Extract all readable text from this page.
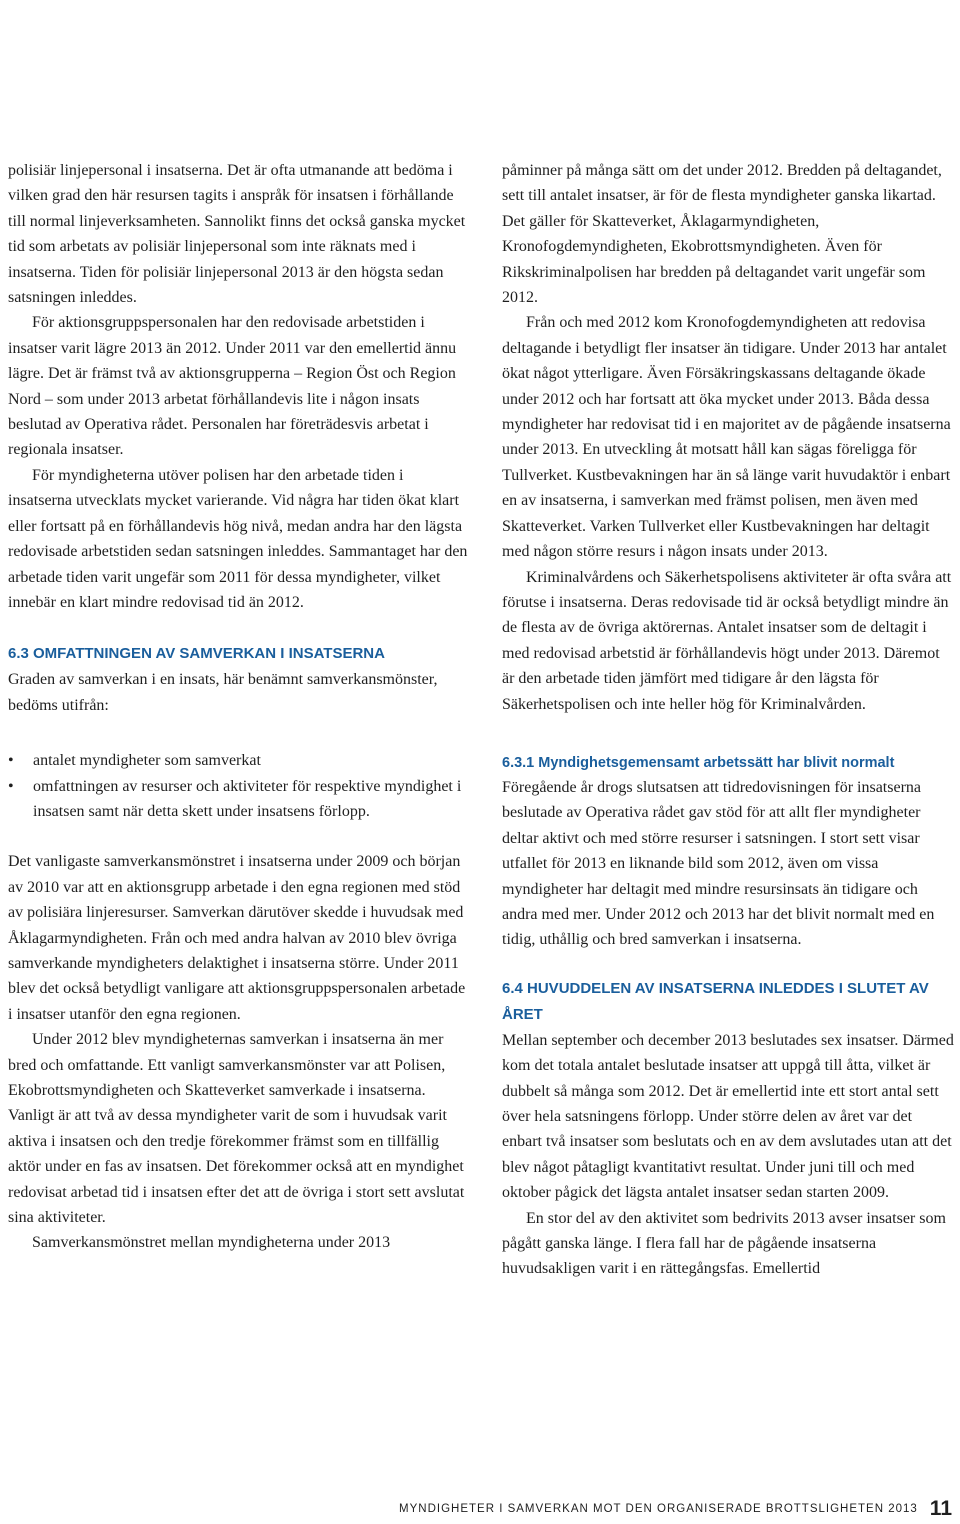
polisiär linjepersonal i insatserna. Det är ofta utmanande att bedöma i vilken grad den här resursen tagits i anspråk för insatsen i förhållande till normal linjeverksamheten. Sannolikt finns det också ganska mycket tid som arbetats av polisiär linjepersonal som inte räknats med i insatserna. Tiden för polisiär linjepersonal 2013 är den högsta sedan satsningen inleddes.

För aktionsgruppspersonalen har den redovisade arbetstiden i insatser varit lägre 2013 än 2012. Under 2011 var den emellertid ännu lägre. Det är främst två av aktionsgrupperna – Region Öst och Region Nord – som under 2013 arbetat förhållandevis lite i någon insats beslutad av Operativa rådet. Personalen har företrädesvis arbetat i regionala insatser.

För myndigheterna utöver polisen har den arbetade tiden i insatserna utvecklats mycket varierande. Vid några har tiden ökat klart eller fortsatt på en förhållandevis hög nivå, medan andra har den lägsta redovisade arbetstiden sedan satsningen inleddes. Sammantaget har den arbetade tiden varit ungefär som 2011 för dessa myndigheter, vilket innebär en klart mindre redovisad tid än 2012.

6.3 OMFATTNINGEN AV SAMVERKAN I INSATSERNA

Graden av samverkan i en insats, här benämnt samverkansmönster, bedöms utifrån:

• antalet myndigheter som samverkat
• omfattningen av resurser och aktiviteter för respektive myndighet i insatsen samt när detta skett under insatsens förlopp.

Det vanligaste samverkansmönstret i insatserna under 2009 och början av 2010 var att en aktionsgrupp arbetade i den egna regionen med stöd av polisiära linjeresurser. Samverkan därutöver skedde i huvudsak med Åklagarmyndigheten. Från och med andra halvan av 2010 blev övriga samverkande myndigheters delaktighet i insatserna större. Under 2011 blev det också betydligt vanligare att aktionsgruppspersonalen arbetade i insatser utanför den egna regionen.

Under 2012 blev myndigheternas samverkan i insatserna än mer bred och omfattande. Ett vanligt samverkansmönster var att Polisen, Ekobrottsmyndigheten och Skatteverket samverkade i insatserna. Vanligt är att två av dessa myndigheter varit de som i huvudsak varit aktiva i insatsen och den tredje förekommer främst som en tillfällig aktör under en fas av insatsen. Det förekommer också att en myndighet redovisat arbetad tid i insatsen efter det att de övriga i stort sett avslutat sina aktiviteter.

Samverkansmönstret mellan myndigheterna under 2013

påminner på många sätt om det under 2012. Bredden på deltagandet, sett till antalet insatser, är för de flesta myndigheter ganska likartad. Det gäller för Skatteverket, Åklagarmyndigheten, Kronofogdemyndigheten, Ekobrottsmyndigheten. Även för Rikskriminalpolisen har bredden på deltagandet varit ungefär som 2012.

Från och med 2012 kom Kronofogdemyndigheten att redovisa deltagande i betydligt fler insatser än tidigare. Under 2013 har antalet ökat något ytterligare. Även Försäkringskassans deltagande ökade under 2012 och har fortsatt att öka mycket under 2013. Båda dessa myndigheter har redovisat tid i en majoritet av de pågående insatserna under 2013. En utveckling åt motsatt håll kan sägas föreligga för Tullverket. Kustbevakningen har än så länge varit huvudaktör i enbart en av insatserna, i samverkan med främst polisen, men även med Skatteverket. Varken Tullverket eller Kustbevakningen har deltagit med någon större resurs i någon insats under 2013.

Kriminalvårdens och Säkerhetspolisens aktiviteter är ofta svåra att förutse i insatserna. Deras redovisade tid är också betydligt mindre än de flesta av de övriga aktörernas. Antalet insatser som de deltagit i med redovisad arbetstid är förhållandevis högt under 2013. Däremot är den arbetade tiden jämfört med tidigare år den lägsta för Säkerhetspolisen och inte heller hög för Kriminalvården.

6.3.1 Myndighetsgemensamt arbetssätt har blivit normalt

Föregående år drogs slutsatsen att tidredovisningen för insatserna beslutade av Operativa rådet gav stöd för att allt fler myndigheter deltar aktivt och med större resurser i satsningen. I stort sett visar utfallet för 2013 en liknande bild som 2012, även om vissa myndigheter har deltagit med mindre resursinsats än tidigare och andra med mer. Under 2012 och 2013 har det blivit normalt med en tidig, uthållig och bred samverkan i insatserna.

6.4 HUVUDDELEN AV INSATSERNA INLEDDES I SLUTET AV ÅRET

Mellan september och december 2013 beslutades sex insatser. Därmed kom det totala antalet beslutade insatser att uppgå till åtta, vilket är dubbelt så många som 2012. Det är emellertid inte ett stort antal sett över hela satsningens förlopp. Under större delen av året var det enbart två insatser som beslutats och en av dem avslutades utan att det blev något påtagligt kvantitativt resultat. Under juni till och med oktober pågick det lägsta antalet insatser sedan starten 2009.

En stor del av den aktivitet som bedrivits 2013 avser insatser som pågått ganska länge. I flera fall har de pågående insatserna huvudsakligen varit i en rättegångsfas. Emellertid

MYNDIGHETER I SAMVERKAN MOT DEN ORGANISERADE BROTTSLIGHETEN 2013 11
